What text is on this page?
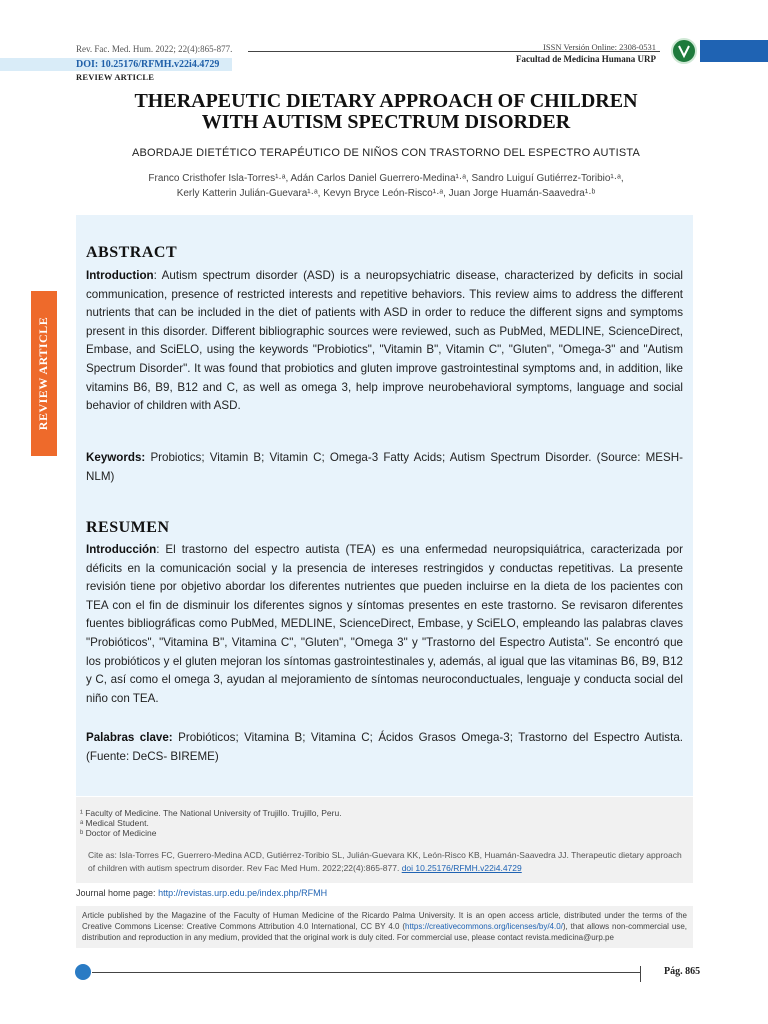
Rev. Fac. Med. Hum. 2022; 22(4):865-877.
DOI: 10.25176/RFMH.v22i4.4729
REVIEW ARTICLE
ISSN Versión Online: 2308-0531
Facultad de Medicina Humana URP
THERAPEUTIC DIETARY APPROACH OF CHILDREN
WITH AUTISM SPECTRUM DISORDER
ABORDAJE DIETÉTICO TERAPÉUTICO DE NIÑOS CON TRASTORNO DEL ESPECTRO AUTISTA
Franco Cristhofer Isla-Torres¹·ᵃ, Adán Carlos Daniel Guerrero-Medina¹·ᵃ, Sandro Luiguí Gutiérrez-Toribio¹·ᵃ,
Kerly Katterin Julián-Guevara¹·ᵃ, Kevyn Bryce León-Risco¹·ᵃ, Juan Jorge Huamán-Saavedra¹·ᵇ
REVIEW ARTICLE
ABSTRACT
Introduction: Autism spectrum disorder (ASD) is a neuropsychiatric disease, characterized by deficits in social communication, presence of restricted interests and repetitive behaviors. This review aims to address the different nutrients that can be included in the diet of patients with ASD in order to reduce the different signs and symptoms present in this disorder. Different bibliographic sources were reviewed, such as PubMed, MEDLINE, ScienceDirect, Embase, and SciELO, using the keywords "Probiotics", "Vitamin B", Vitamin C", "Gluten", "Omega-3" and "Autism Spectrum Disorder". It was found that probiotics and gluten improve gastrointestinal symptoms and, in addition, like vitamins B6, B9, B12 and C, as well as omega 3, help improve neurobehavioral symptoms, language and social behavior of children with ASD.
Keywords: Probiotics; Vitamin B; Vitamin C; Omega-3 Fatty Acids; Autism Spectrum Disorder. (Source: MESH-NLM)
RESUMEN
Introducción: El trastorno del espectro autista (TEA) es una enfermedad neuropsiquiátrica, caracterizada por déficits en la comunicación social y la presencia de intereses restringidos y conductas repetitivas. La presente revisión tiene por objetivo abordar los diferentes nutrientes que pueden incluirse en la dieta de los pacientes con TEA con el fin de disminuir los diferentes signos y síntomas presentes en este trastorno. Se revisaron diferentes fuentes bibliográficas como PubMed, MEDLINE, ScienceDirect, Embase, y SciELO, empleando las palabras claves "Probióticos", "Vitamina B", Vitamina C", "Gluten", "Omega 3" y "Trastorno del Espectro Autista". Se encontró que los probióticos y el gluten mejoran los síntomas gastrointestinales y, además, al igual que las vitaminas B6, B9, B12 y C, así como el omega 3, ayudan al mejoramiento de síntomas neuroconductuales, lenguaje y conducta social del niño con TEA.
Palabras clave: Probióticos; Vitamina B; Vitamina C; Ácidos Grasos Omega-3; Trastorno del Espectro Autista. (Fuente: DeCS- BIREME)
¹ Faculty of Medicine. The National University of Trujillo. Trujillo, Peru.
ᵃ Medical Student.
ᵇ Doctor of Medicine
Cite as: Isla-Torres FC, Guerrero-Medina ACD, Gutiérrez-Toribio SL, Julián-Guevara KK, León-Risco KB, Huamán-Saavedra JJ. Therapeutic dietary approach of children with autism spectrum disorder. Rev Fac Med Hum. 2022;22(4):865-877. doi 10.25176/RFMH.v22i4.4729
Journal home page: http://revistas.urp.edu.pe/index.php/RFMH
Article published by the Magazine of the Faculty of Human Medicine of the Ricardo Palma University. It is an open access article, distributed under the terms of the Creative Commons License: Creative Commons Attribution 4.0 International, CC BY 4.0 (https://creativecommons.org/licenses/by/4.0/), that allows non-commercial use, distribution and reproduction in any medium, provided that the original work is duly cited. For commercial use, please contact revista.medicina@urp.pe
Pág. 865
